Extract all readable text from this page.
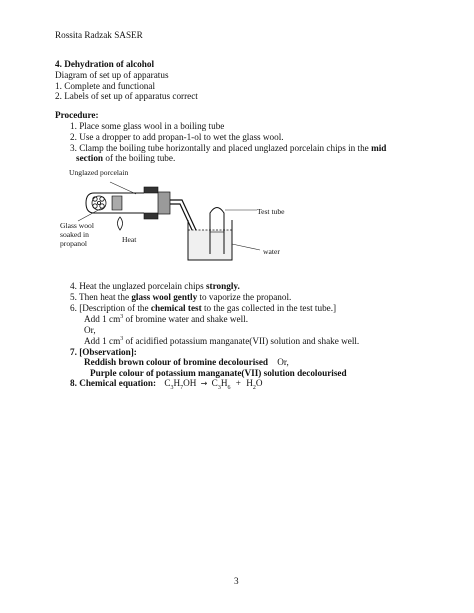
Rossita Radzak SASER
4. Dehydration of alcohol
Diagram of set up of apparatus
1. Complete and functional
2. Labels of set up of apparatus correct
Procedure:
1. Place some glass wool in a boiling tube
2. Use a dropper to add propan-1-ol to wet the glass wool.
3. Clamp the boiling tube horizontally and placed unglazed porcelain chips in the mid
section of the boiling tube.
Unglazed porcelain
Glass wool
soaked in
propanol	Heat
Test tube
water
4. Heat the unglazed porcelain chips strongly.
5. Then heat the glass wool gently to vaporize the propanol.
6. [Description of the chemical test to the gas collected in the test tube.]
Add 1 $cm^3$ of bromine water and shake well.
Or,
Add 1 $cm^3$ of acidified potassium manganate(VII) solution and shake well.
7. [Observation]:
Reddish brown colour of bromine decolourised    Or,
Purple colour of potassium manganate(VII) solution decolourised
8. Chemical equation: $C_3H_7OH \to C_3H_6 + H_2O$
3
